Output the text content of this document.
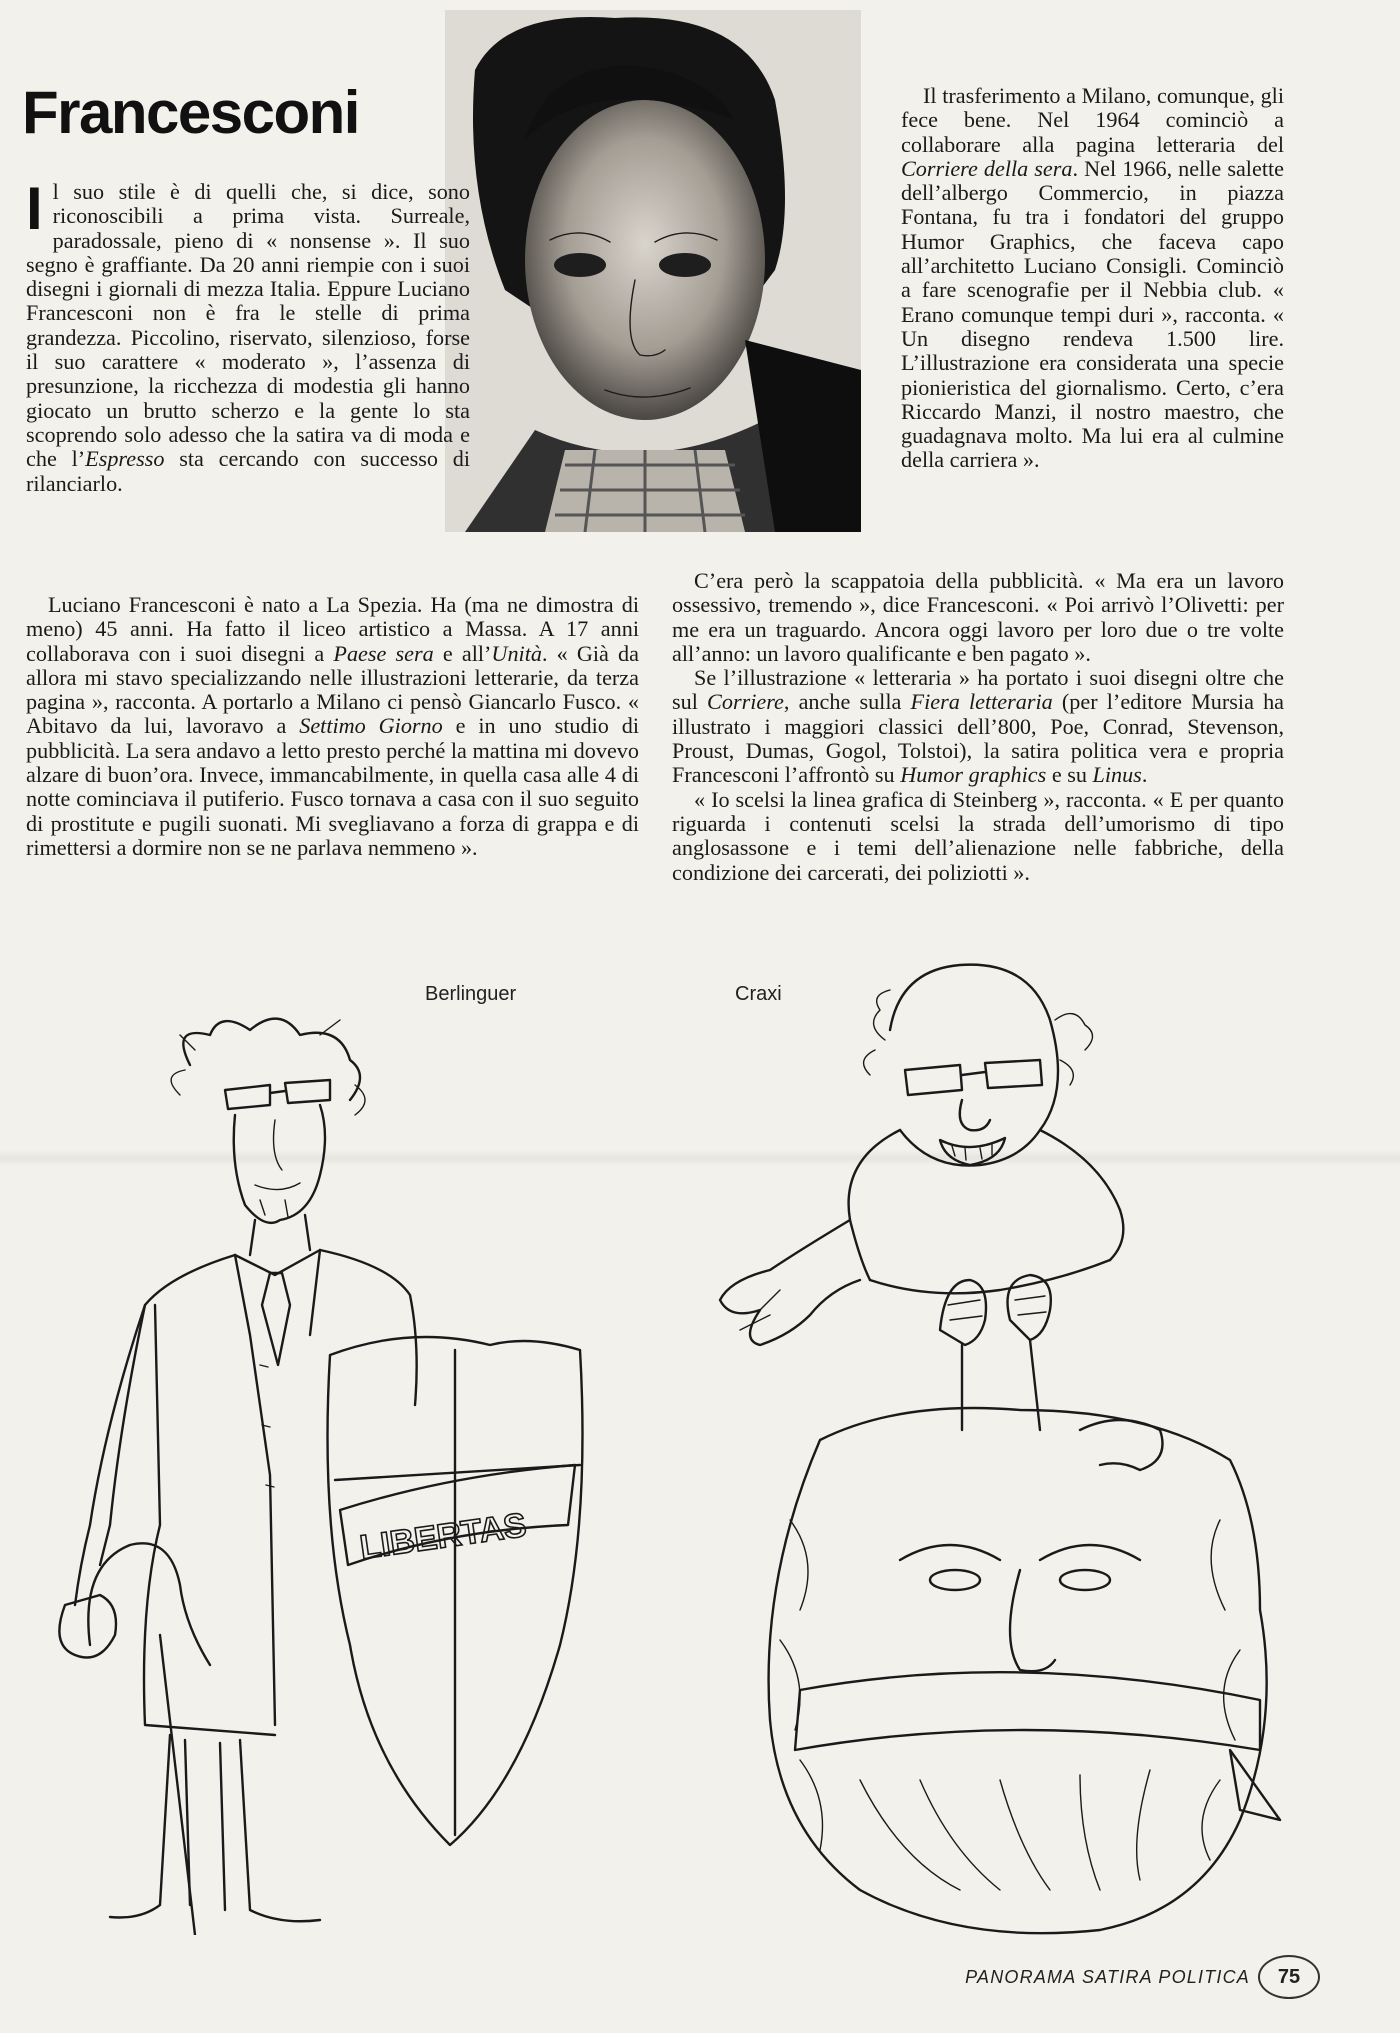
Francesconi

Il suo stile è di quelli che, si dice, sono riconoscibili a prima vista. Surreale, paradossale, pieno di « nonsense ». Il suo segno è graffiante. Da 20 anni riempie con i suoi disegni i giornali di mezza Italia. Eppure Luciano Francesconi non è fra le stelle di prima grandezza. Piccolino, riservato, silenzioso, forse il suo carattere « moderato », l’assenza di presunzione, la ricchezza di modestia gli hanno giocato un brutto scherzo e la gente lo sta scoprendo solo adesso che la satira va di moda e che l’Espresso sta cercando con successo di rilanciarlo.

Luciano Francesconi è nato a La Spezia. Ha (ma ne dimostra di meno) 45 anni. Ha fatto il liceo artistico a Massa. A 17 anni collaborava con i suoi disegni a Paese sera e all’Unità. « Già da allora mi stavo specializzando nelle illustrazioni letterarie, da terza pagina », racconta. A portarlo a Milano ci pensò Giancarlo Fusco. « Abitavo da lui, lavoravo a Settimo Giorno e in uno studio di pubblicità. La sera andavo a letto presto perché la mattina mi dovevo alzare di buon’ora. Invece, immancabilmente, in quella casa alle 4 di notte cominciava il putiferio. Fusco tornava a casa con il suo seguito di prostitute e pugili suonati. Mi svegliavano a forza di grappa e di rimettersi a dormire non se ne parlava nemmeno ».

Il trasferimento a Milano, comunque, gli fece bene. Nel 1964 cominciò a collaborare alla pagina letteraria del Corriere della sera. Nel 1966, nelle salette dell’albergo Commercio, in piazza Fontana, fu tra i fondatori del gruppo Humor Graphics, che faceva capo all’architetto Luciano Consigli. Cominciò a fare scenografie per il Nebbia club. « Erano comunque tempi duri », racconta. « Un disegno rendeva 1.500 lire. L’illustrazione era considerata una specie pionieristica del giornalismo. Certo, c’era Riccardo Manzi, il nostro maestro, che guadagnava molto. Ma lui era al culmine della carriera ».

C’era però la scappatoia della pubblicità. « Ma era un lavoro ossessivo, tremendo », dice Francesconi. « Poi arrivò l’Olivetti: per me era un traguardo. Ancora oggi lavoro per loro due o tre volte all’anno: un lavoro qualificante e ben pagato ».

Se l’illustrazione « letteraria » ha portato i suoi disegni oltre che sul Corriere, anche sulla Fiera letteraria (per l’editore Mursia ha illustrato i maggiori classici dell’800, Poe, Conrad, Stevenson, Proust, Dumas, Gogol, Tolstoi), la satira politica vera e propria Francesconi l’affrontò su Humor graphics e su Linus.

« Io scelsi la linea grafica di Steinberg », racconta. « E per quanto riguarda i contenuti scelsi la strada dell’umorismo di tipo anglosassone e i temi dell’alienazione nelle fabbriche, della condizione dei carcerati, dei poliziotti ».

Berlinguer	Craxi
LIBERTAS
PANORAMA SATIRA POLITICA	75
